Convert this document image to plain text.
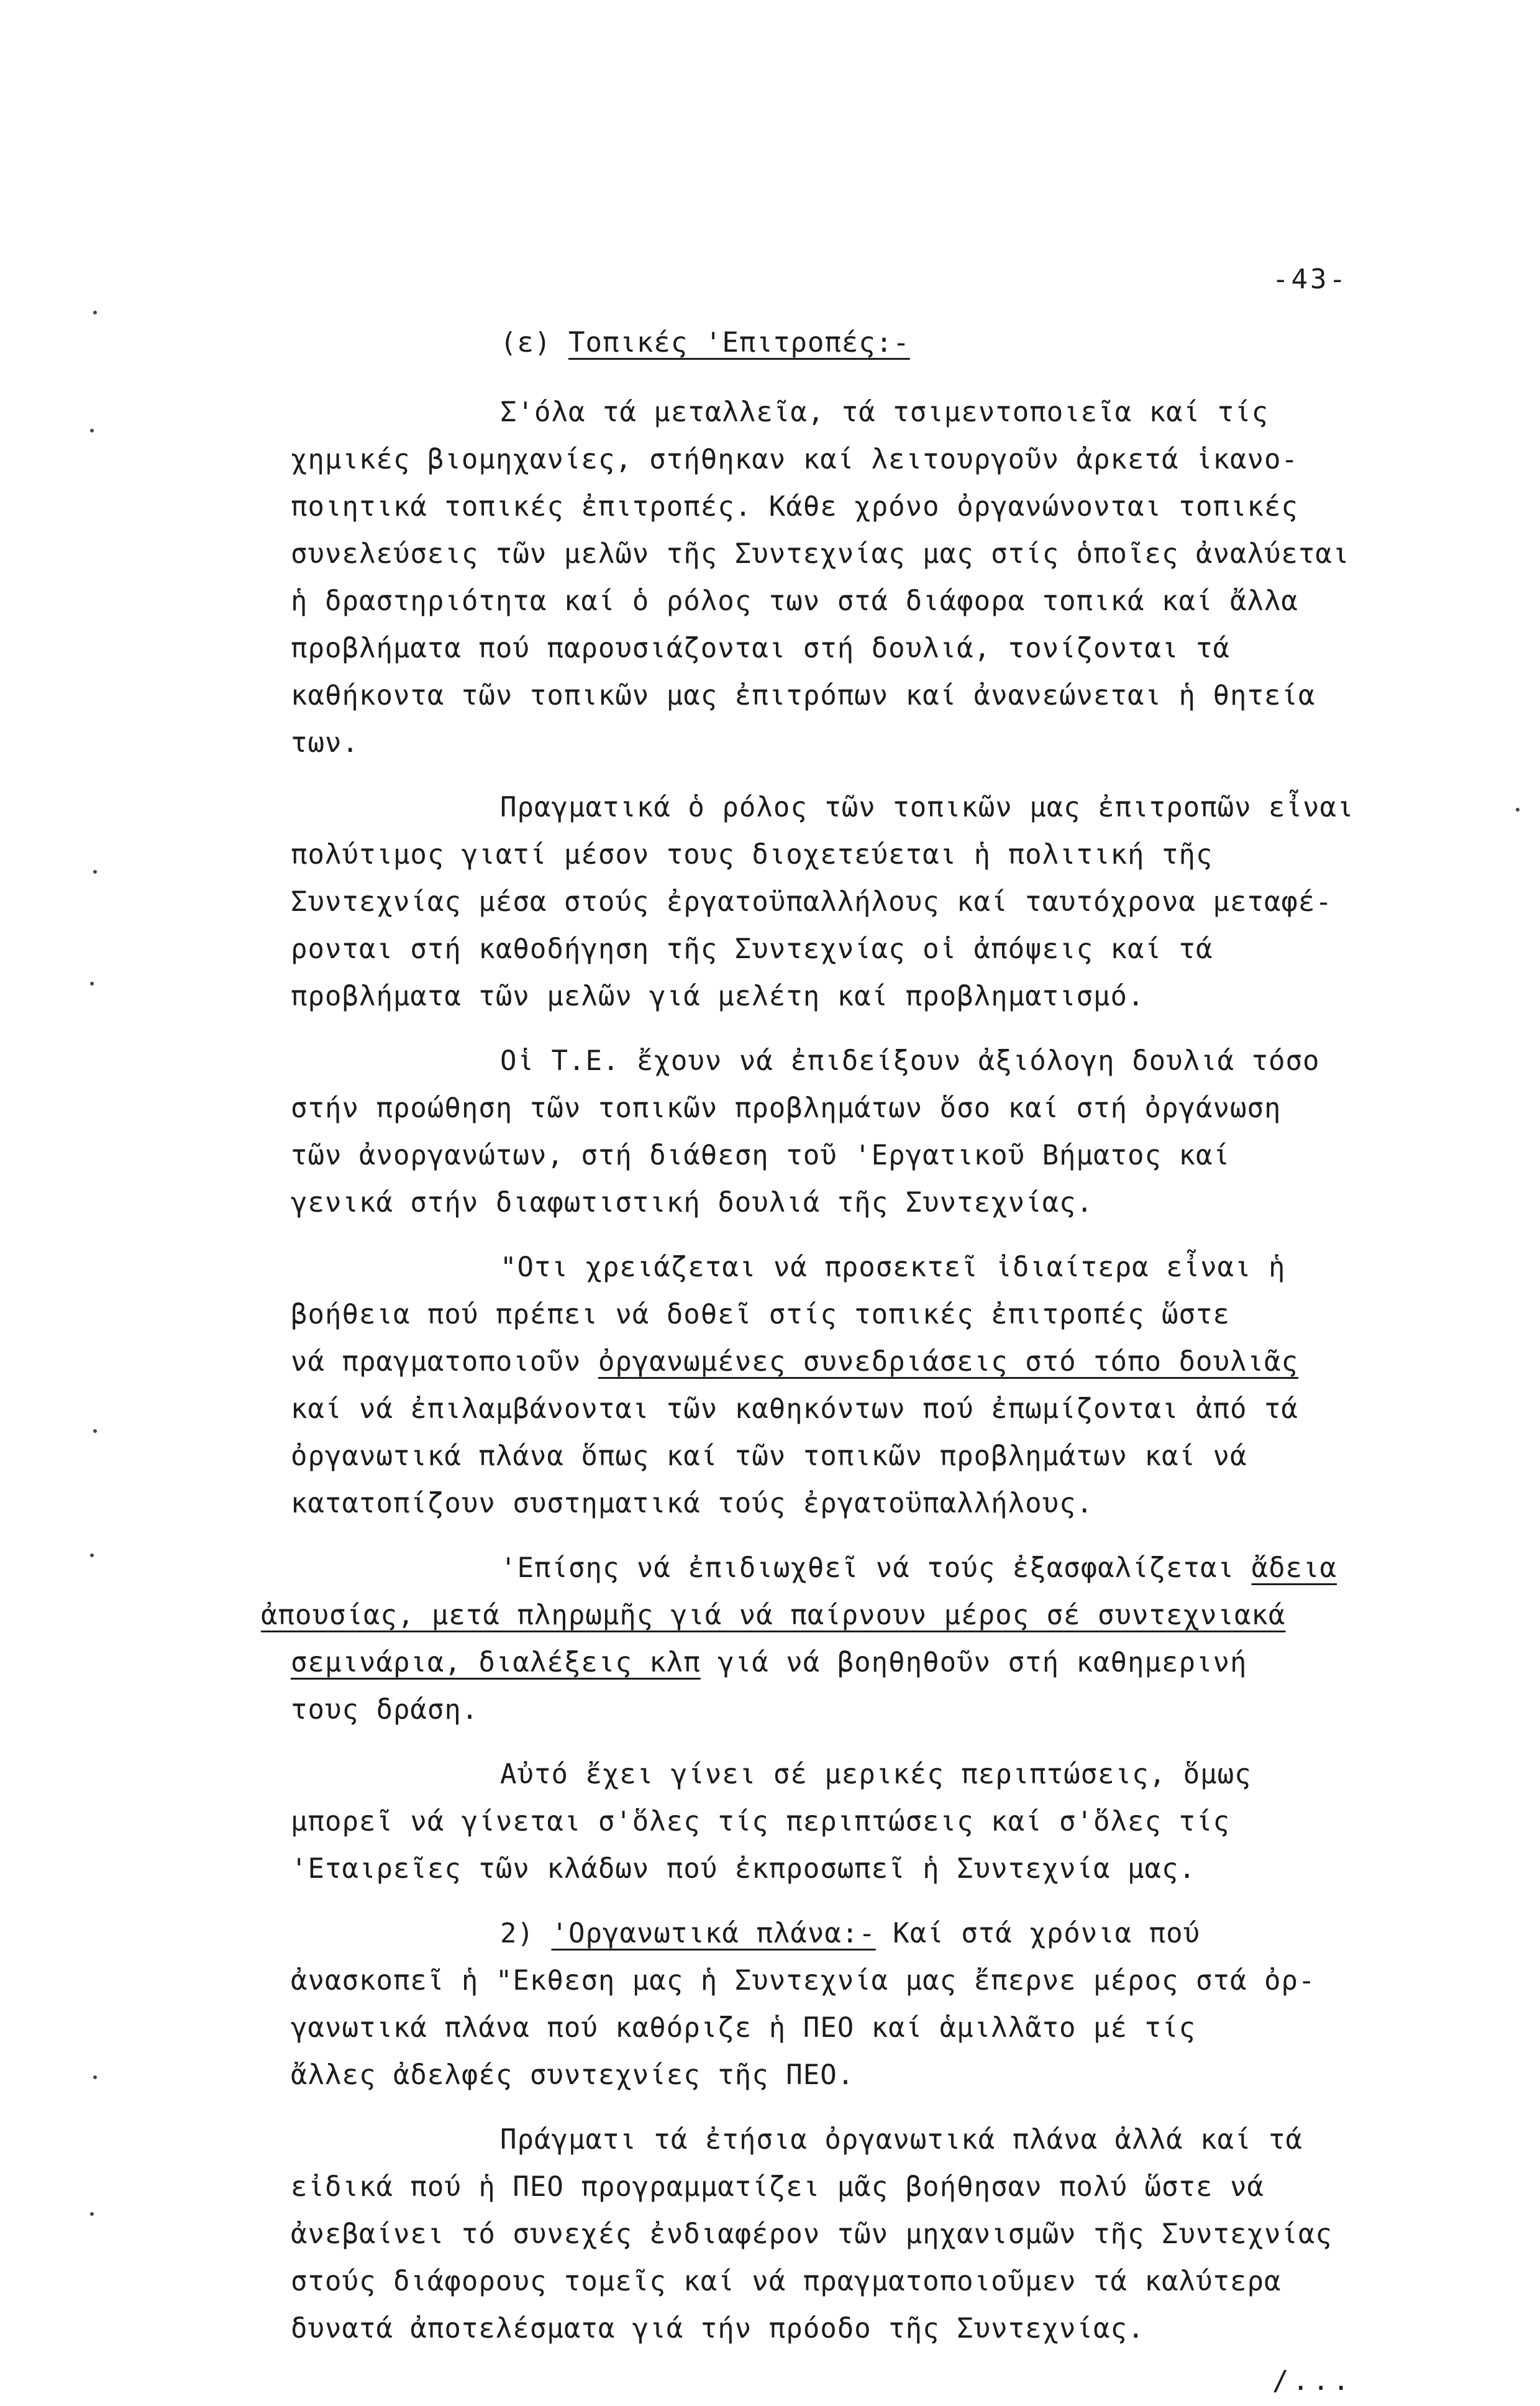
-43-
(ε) Τοπικές 'Επιτροπές:-
Σ'όλα τά μεταλλεῖα, τά τσιμεντοποιεῖα καί τίς
χημικές βιομηχανίες, στήθηκαν καί λειτουργοῦν ἀρκετά ἱκανο-
ποιητικά τοπικές ἐπιτροπές. Κάθε χρόνο ὀργανώνονται τοπικές
συνελεύσεις τῶν μελῶν τῆς Συντεχνίας μας στίς ὁποῖες ἀναλύεται
ἡ δραστηριότητα καί ὁ ρόλος των στά διάφορα τοπικά καί ἄλλα
προβλήματα πού παρουσιάζονται στή δουλιά, τονίζονται τά
καθήκοντα τῶν τοπικῶν μας ἐπιτρόπων καί ἀνανεώνεται ἡ θητεία
των.
Πραγματικά ὁ ρόλος τῶν τοπικῶν μας ἐπιτροπῶν εἶναι
πολύτιμος γιατί μέσον τους διοχετεύεται ἡ πολιτική τῆς
Συντεχνίας μέσα στούς ἐργατοϋπαλλήλους καί ταυτόχρονα μεταφέ-
ρονται στή καθοδήγηση τῆς Συντεχνίας οἱ ἀπόψεις καί τά
προβλήματα τῶν μελῶν γιά μελέτη καί προβληματισμό.
Οἱ Τ.Ε. ἔχουν νά ἐπιδείξουν ἀξιόλογη δουλιά τόσο
στήν προώθηση τῶν τοπικῶν προβλημάτων ὅσο καί στή ὀργάνωση
τῶν ἀνοργανώτων, στή διάθεση τοῦ 'Εργατικοῦ Βήματος καί
γενικά στήν διαφωτιστική δουλιά τῆς Συντεχνίας.
"Οτι χρειάζεται νά προσεκτεῖ ἰδιαίτερα εἶναι ἡ
βοήθεια πού πρέπει νά δοθεῖ στίς τοπικές ἐπιτροπές ὥστε
νά πραγματοποιοῦν ὀργανωμένες συνεδριάσεις στό τόπο δουλιᾶς
καί νά ἐπιλαμβάνονται τῶν καθηκόντων πού ἐπωμίζονται ἀπό τά
ὀργανωτικά πλάνα ὅπως καί τῶν τοπικῶν προβλημάτων καί νά
κατατοπίζουν συστηματικά τούς ἐργατοϋπαλλήλους.
'Επίσης νά ἐπιδιωχθεῖ νά τούς ἐξασφαλίζεται ἄδεια
ἀπουσίας, μετά πληρωμῆς γιά νά παίρνουν μέρος σέ συντεχνιακά
σεμινάρια, διαλέξεις κλπ γιά νά βοηθηθοῦν στή καθημερινή
τους δράση.
Αὐτό ἔχει γίνει σέ μερικές περιπτώσεις, ὅμως
μπορεῖ νά γίνεται σ'ὅλες τίς περιπτώσεις καί σ'ὅλες τίς
'Εταιρεῖες τῶν κλάδων πού ἐκπροσωπεῖ ἡ Συντεχνία μας.
2) 'Οργανωτικά πλάνα:- Καί στά χρόνια πού
ἀνασκοπεῖ ἡ "Εκθεση μας ἡ Συντεχνία μας ἔπερνε μέρος στά ὀρ-
γανωτικά πλάνα πού καθόριζε ἡ ΠΕΟ καί ἁμιλλᾶτο μέ τίς
ἄλλες ἀδελφές συντεχνίες τῆς ΠΕΟ.
Πράγματι τά ἐτήσια ὀργανωτικά πλάνα ἀλλά καί τά
εἰδικά πού ἡ ΠΕΟ προγραμματίζει μᾶς βοήθησαν πολύ ὥστε νά
ἀνεβαίνει τό συνεχές ἐνδιαφέρον τῶν μηχανισμῶν τῆς Συντεχνίας
στούς διάφορους τομεῖς καί νά πραγματοποιοῦμεν τά καλύτερα
δυνατά ἀποτελέσματα γιά τήν πρόοδο τῆς Συντεχνίας.
/...
